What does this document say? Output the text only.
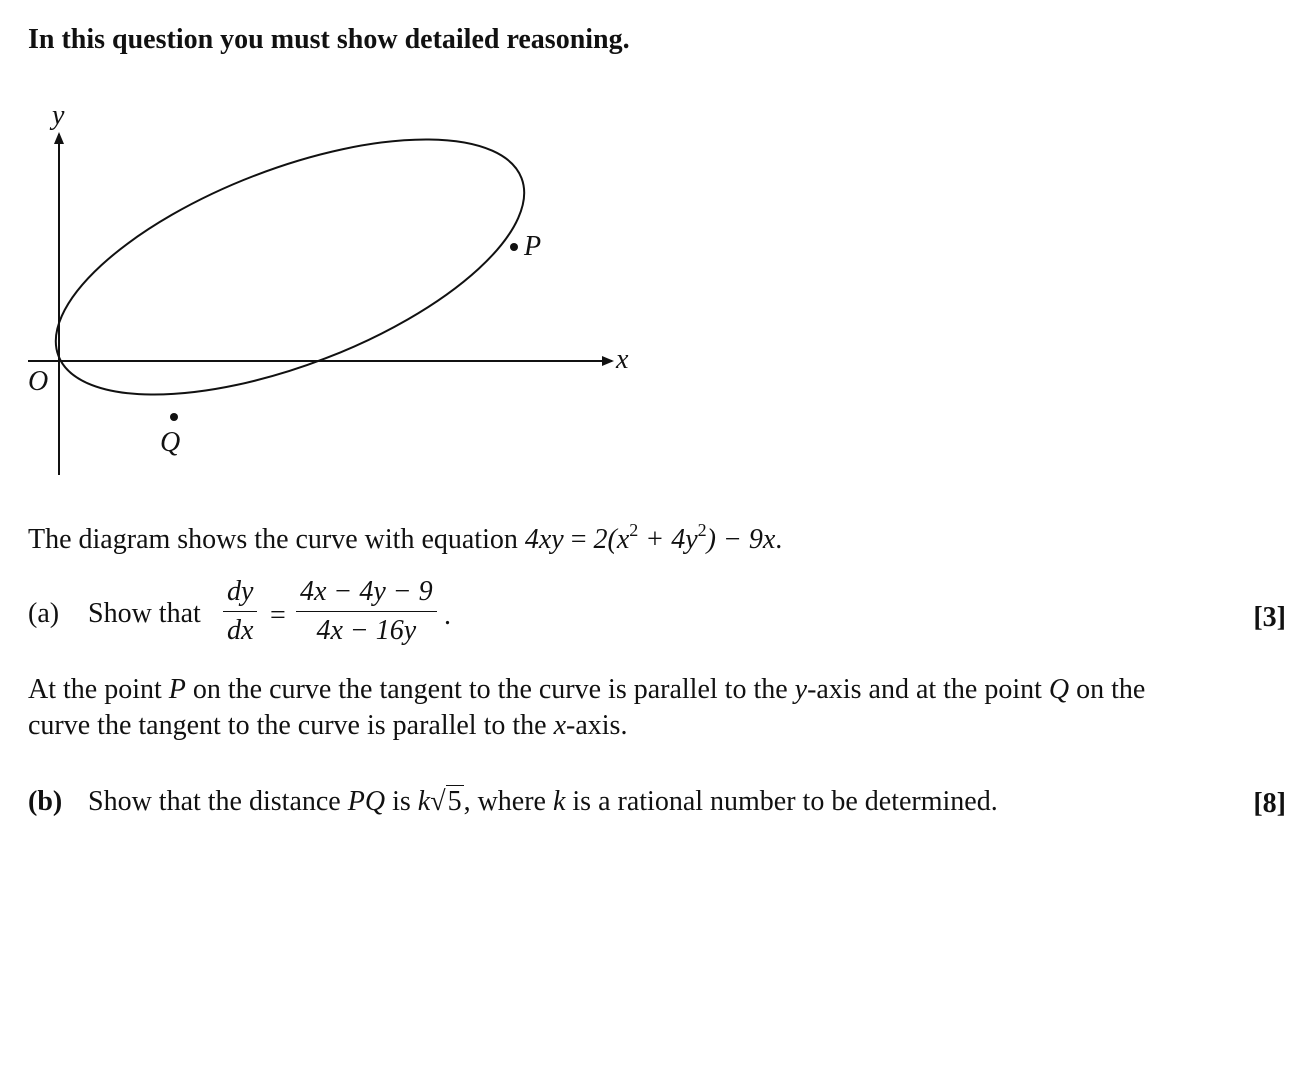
In this question you must show detailed reasoning.
y
x
O
P
Q
The diagram shows the curve with equation $4xy = 2(x^2 + 4y^2) - 9x$.
(a) Show that $\frac{dy}{dx} = \frac{4x - 4y - 9}{4x - 16y}$ .	[3]
At the point P on the curve the tangent to the curve is parallel to the y-axis and at the point Q on the
curve the tangent to the curve is parallel to the x-axis.
(b) Show that the distance PQ is k√5, where k is a rational number to be determined.	[8]
